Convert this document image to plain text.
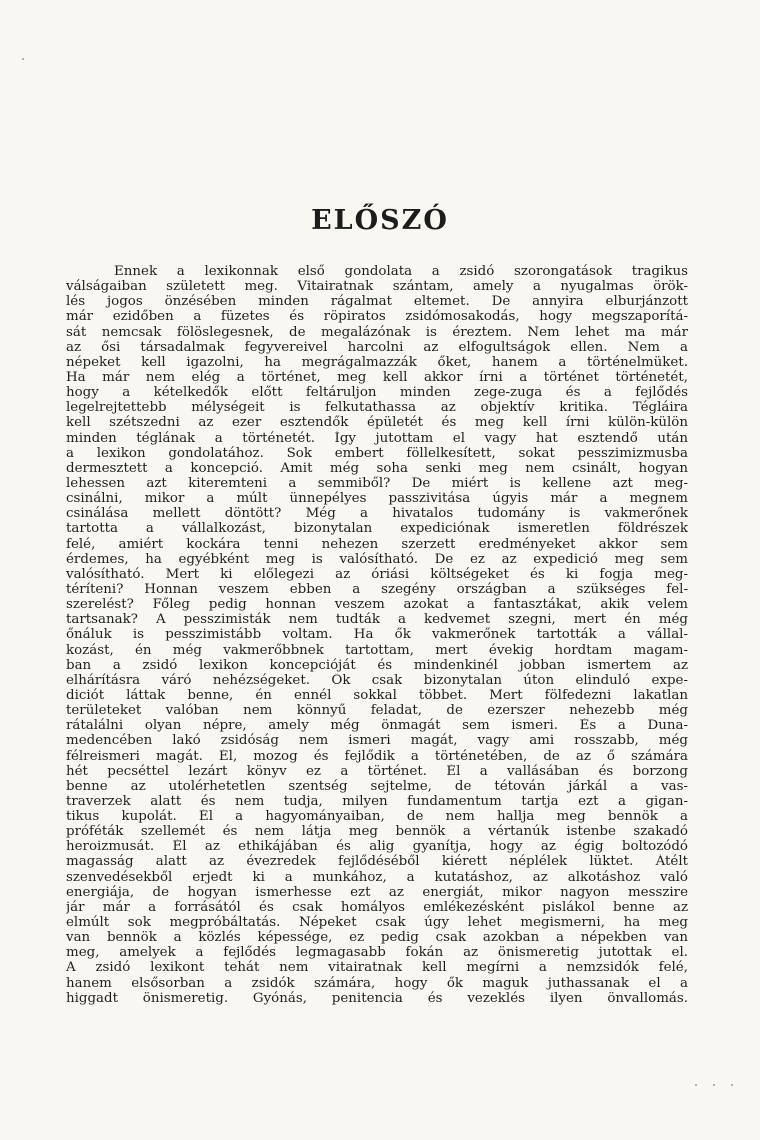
ELŐSZÓ
Ennek a lexikonnak első gondolata a zsidó szorongatások tragikus
válságaiban született meg. Vitairatnak szántam, amely a nyugalmas örök-
lés jogos önzésében minden rágalmat eltemet. De annyira elburjánzott
már ezidőben a füzetes és röpiratos zsidómosakodás, hogy megszaporítá-
sát nemcsak fölöslegesnek, de megalázónak is éreztem. Nem lehet ma már
az ősi társadalmak fegyvereivel harcolni az elfogultságok ellen. Nem a
népeket kell igazolni, ha megrágalmazzák őket, hanem a történelmüket.
Ha már nem elég a történet, meg kell akkor írni a történet történetét,
hogy a kételkedők előtt feltáruljon minden zege-zuga és a fejlődés
legelrejtettebb mélységeit is felkutathassa az objektív kritika. Tégláira
kell szétszedni az ezer esztendők épületét és meg kell írni külön-külön
minden téglának a történetét. Így jutottam el vagy hat esztendő után
a lexikon gondolatához. Sok embert föllelkesített, sokat pesszimizmusba
dermesztett a koncepció. Amit még soha senki meg nem csinált, hogyan
lehessen azt kiteremteni a semmiből? De miért is kellene azt meg-
csinálni, mikor a múlt ünnepélyes passzivitása úgyis már a megnem
csinálása mellett döntött? Még a hivatalos tudomány is vakmerőnek
tartotta a vállalkozást, bizonytalan expediciónak ismeretlen földrészek
felé, amiért kockára tenni nehezen szerzett eredményeket akkor sem
érdemes, ha egyébként meg is valósítható. De ez az expedició meg sem
valósítható. Mert ki előlegezi az óriási költségeket és ki fogja meg-
téríteni? Honnan veszem ebben a szegény országban a szükséges fel-
szerelést? Főleg pedig honnan veszem azokat a fantasztákat, akik velem
tartsanak? A pesszimisták nem tudták a kedvemet szegni, mert én még
őnáluk is pesszimistább voltam. Ha ők vakmerőnek tartották a vállal-
kozást, én még vakmerőbbnek tartottam, mert évekig hordtam magam-
ban a zsidó lexikon koncepcióját és mindenkinél jobban ismertem az
elhárításra váró nehézségeket. Ők csak bizonytalan úton elinduló expe-
diciót láttak benne, én ennél sokkal többet. Mert fölfedezni lakatlan
területeket valóban nem könnyű feladat, de ezerszer nehezebb még
rátalálni olyan népre, amely még önmagát sem ismeri. És a Duna-
medencében lakó zsidóság nem ismeri magát, vagy ami rosszabb, még
félreismeri magát. Él, mozog és fejlődik a történetében, de az ő számára
hét pecséttel lezárt könyv ez a történet. Él a vallásában és borzong
benne az utolérhetetlen szentség sejtelme, de tétován járkál a vas-
traverzek alatt és nem tudja, milyen fundamentum tartja ezt a gigan-
tikus kupolát. Él a hagyományaiban, de nem hallja meg bennök a
próféták szellemét és nem látja meg bennök a vértanúk istenbe szakadó
heroizmusát. Él az ethikájában és alig gyanítja, hogy az égig boltozódó
magasság alatt az évezredek fejlődéséből kiérett néplélek lüktet. Átélt
szenvedésekből erjedt ki a munkához, a kutatáshoz, az alkotáshoz való
energiája, de hogyan ismerhesse ezt az energiát, mikor nagyon messzire
jár már a forrásától és csak homályos emlékezésként pislákol benne az
elmúlt sok megpróbáltatás. Népeket csak úgy lehet megismerni, ha meg
van bennök a közlés képessége, ez pedig csak azokban a népekben van
meg, amelyek a fejlődés legmagasabb fokán az önismeretig jutottak el.
A zsidó lexikont tehát nem vitairatnak kell megírni a nemzsidók felé,
hanem elsősorban a zsidók számára, hogy ők maguk juthassanak el a
higgadt önismeretig. Gyónás, penitencia és vezeklés ilyen önvallomás.
